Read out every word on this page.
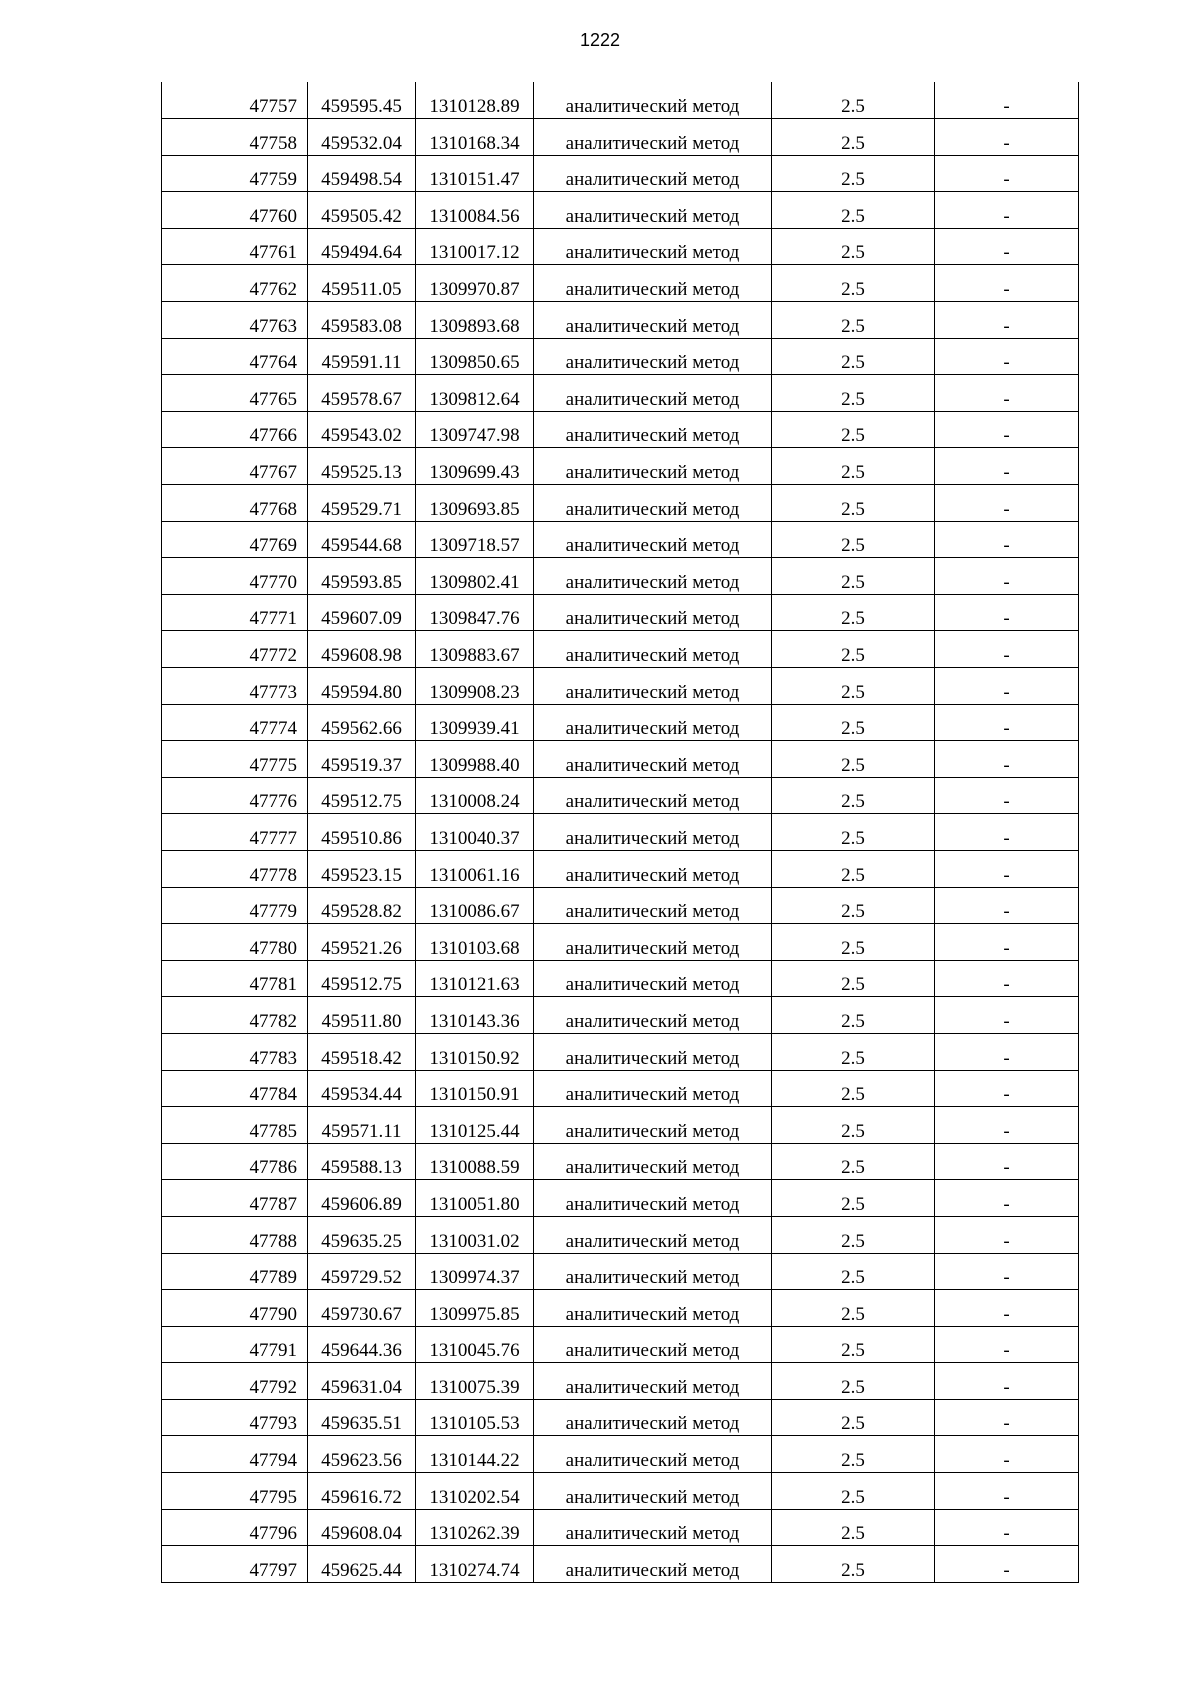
1222
47757	459595.45	1310128.89	аналитический метод	2.5	-
47758	459532.04	1310168.34	аналитический метод	2.5	-
47759	459498.54	1310151.47	аналитический метод	2.5	-
47760	459505.42	1310084.56	аналитический метод	2.5	-
47761	459494.64	1310017.12	аналитический метод	2.5	-
47762	459511.05	1309970.87	аналитический метод	2.5	-
47763	459583.08	1309893.68	аналитический метод	2.5	-
47764	459591.11	1309850.65	аналитический метод	2.5	-
47765	459578.67	1309812.64	аналитический метод	2.5	-
47766	459543.02	1309747.98	аналитический метод	2.5	-
47767	459525.13	1309699.43	аналитический метод	2.5	-
47768	459529.71	1309693.85	аналитический метод	2.5	-
47769	459544.68	1309718.57	аналитический метод	2.5	-
47770	459593.85	1309802.41	аналитический метод	2.5	-
47771	459607.09	1309847.76	аналитический метод	2.5	-
47772	459608.98	1309883.67	аналитический метод	2.5	-
47773	459594.80	1309908.23	аналитический метод	2.5	-
47774	459562.66	1309939.41	аналитический метод	2.5	-
47775	459519.37	1309988.40	аналитический метод	2.5	-
47776	459512.75	1310008.24	аналитический метод	2.5	-
47777	459510.86	1310040.37	аналитический метод	2.5	-
47778	459523.15	1310061.16	аналитический метод	2.5	-
47779	459528.82	1310086.67	аналитический метод	2.5	-
47780	459521.26	1310103.68	аналитический метод	2.5	-
47781	459512.75	1310121.63	аналитический метод	2.5	-
47782	459511.80	1310143.36	аналитический метод	2.5	-
47783	459518.42	1310150.92	аналитический метод	2.5	-
47784	459534.44	1310150.91	аналитический метод	2.5	-
47785	459571.11	1310125.44	аналитический метод	2.5	-
47786	459588.13	1310088.59	аналитический метод	2.5	-
47787	459606.89	1310051.80	аналитический метод	2.5	-
47788	459635.25	1310031.02	аналитический метод	2.5	-
47789	459729.52	1309974.37	аналитический метод	2.5	-
47790	459730.67	1309975.85	аналитический метод	2.5	-
47791	459644.36	1310045.76	аналитический метод	2.5	-
47792	459631.04	1310075.39	аналитический метод	2.5	-
47793	459635.51	1310105.53	аналитический метод	2.5	-
47794	459623.56	1310144.22	аналитический метод	2.5	-
47795	459616.72	1310202.54	аналитический метод	2.5	-
47796	459608.04	1310262.39	аналитический метод	2.5	-
47797	459625.44	1310274.74	аналитический метод	2.5	-
